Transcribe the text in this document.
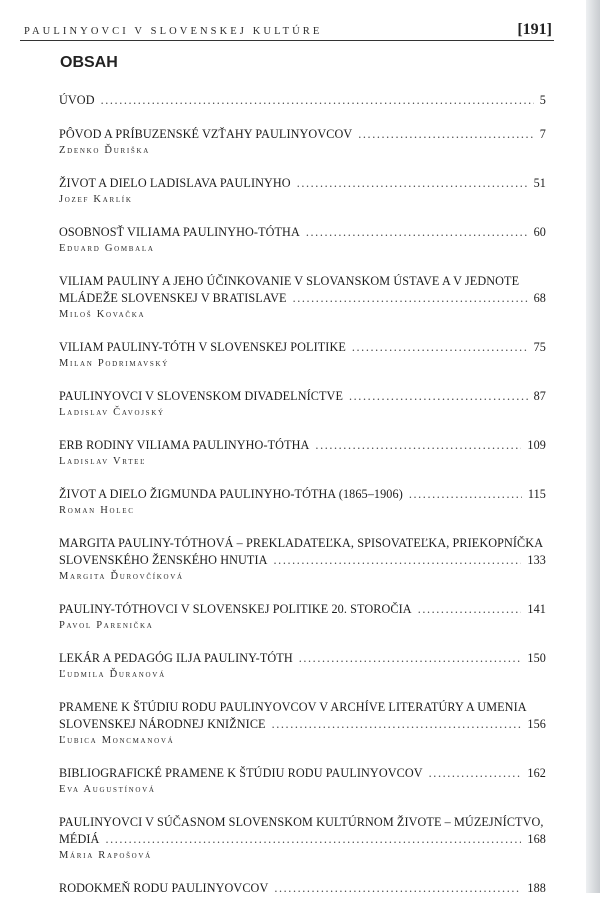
PAULINYOVCI V SLOVENSKEJ KULTÚRE	[191]
OBSAH
ÚVOD .....	5
PÔVOD A PRÍBUZENSKÉ VZŤAHY PAULINYOVCOV .....	7
Zdenko Ďuriška
ŽIVOT A DIELO LADISLAVA PAULINYHO .....	51
Jozef Karlík
OSOBNOSŤ VILIAMA PAULINYHO-TÓTHA .....	60
Eduard Gombala
VILIAM PAULINY A JEHO ÚČINKOVANIE V SLOVANSKOM ÚSTAVE A V JEDNOTE
MLÁDEŽE SLOVENSKEJ V BRATISLAVE .....	68
Miloš Kovačka
VILIAM PAULINY-TÓTH V SLOVENSKEJ POLITIKE .....	75
Milan Podrimavský
PAULINYOVCI V SLOVENSKOM DIVADELNÍCTVE .....	87
Ladislav Čavojský
ERB RODINY VILIAMA PAULINYHO-TÓTHA .....	109
Ladislav Vrteľ
ŽIVOT A DIELO ŽIGMUNDA PAULINYHO-TÓTHA (1865–1906) .....	115
Roman Holec
MARGITA PAULINY-TÓTHOVÁ – PREKLADATEĽKA, SPISOVATEĽKA, PRIEKOPNÍČKA
SLOVENSKÉHO ŽENSKÉHO HNUTIA .....	133
Margita Ďurovčíková
PAULINY-TÓTHOVCI V SLOVENSKEJ POLITIKE 20. STOROČIA .....	141
Pavol Parenička
LEKÁR A PEDAGÓG ILJA PAULINY-TÓTH .....	150
Ľudmila Ďuranová
PRAMENE K ŠTÚDIU RODU PAULINYOVCOV V ARCHÍVE LITERATÚRY A UMENIA
SLOVENSKEJ NÁRODNEJ KNIŽNICE .....	156
Ľubica Moncmanová
BIBLIOGRAFICKÉ PRAMENE K ŠTÚDIU RODU PAULINYOVCOV .....	162
Eva Augustínová
PAULINYOVCI V SÚČASNOM SLOVENSKOM KULTÚRNOM ŽIVOTE – MÚZEJNÍCTVO,
MÉDIÁ .....	168
Mária Rapošová
RODOKMEŇ RODU PAULINYOVCOV .....	188
